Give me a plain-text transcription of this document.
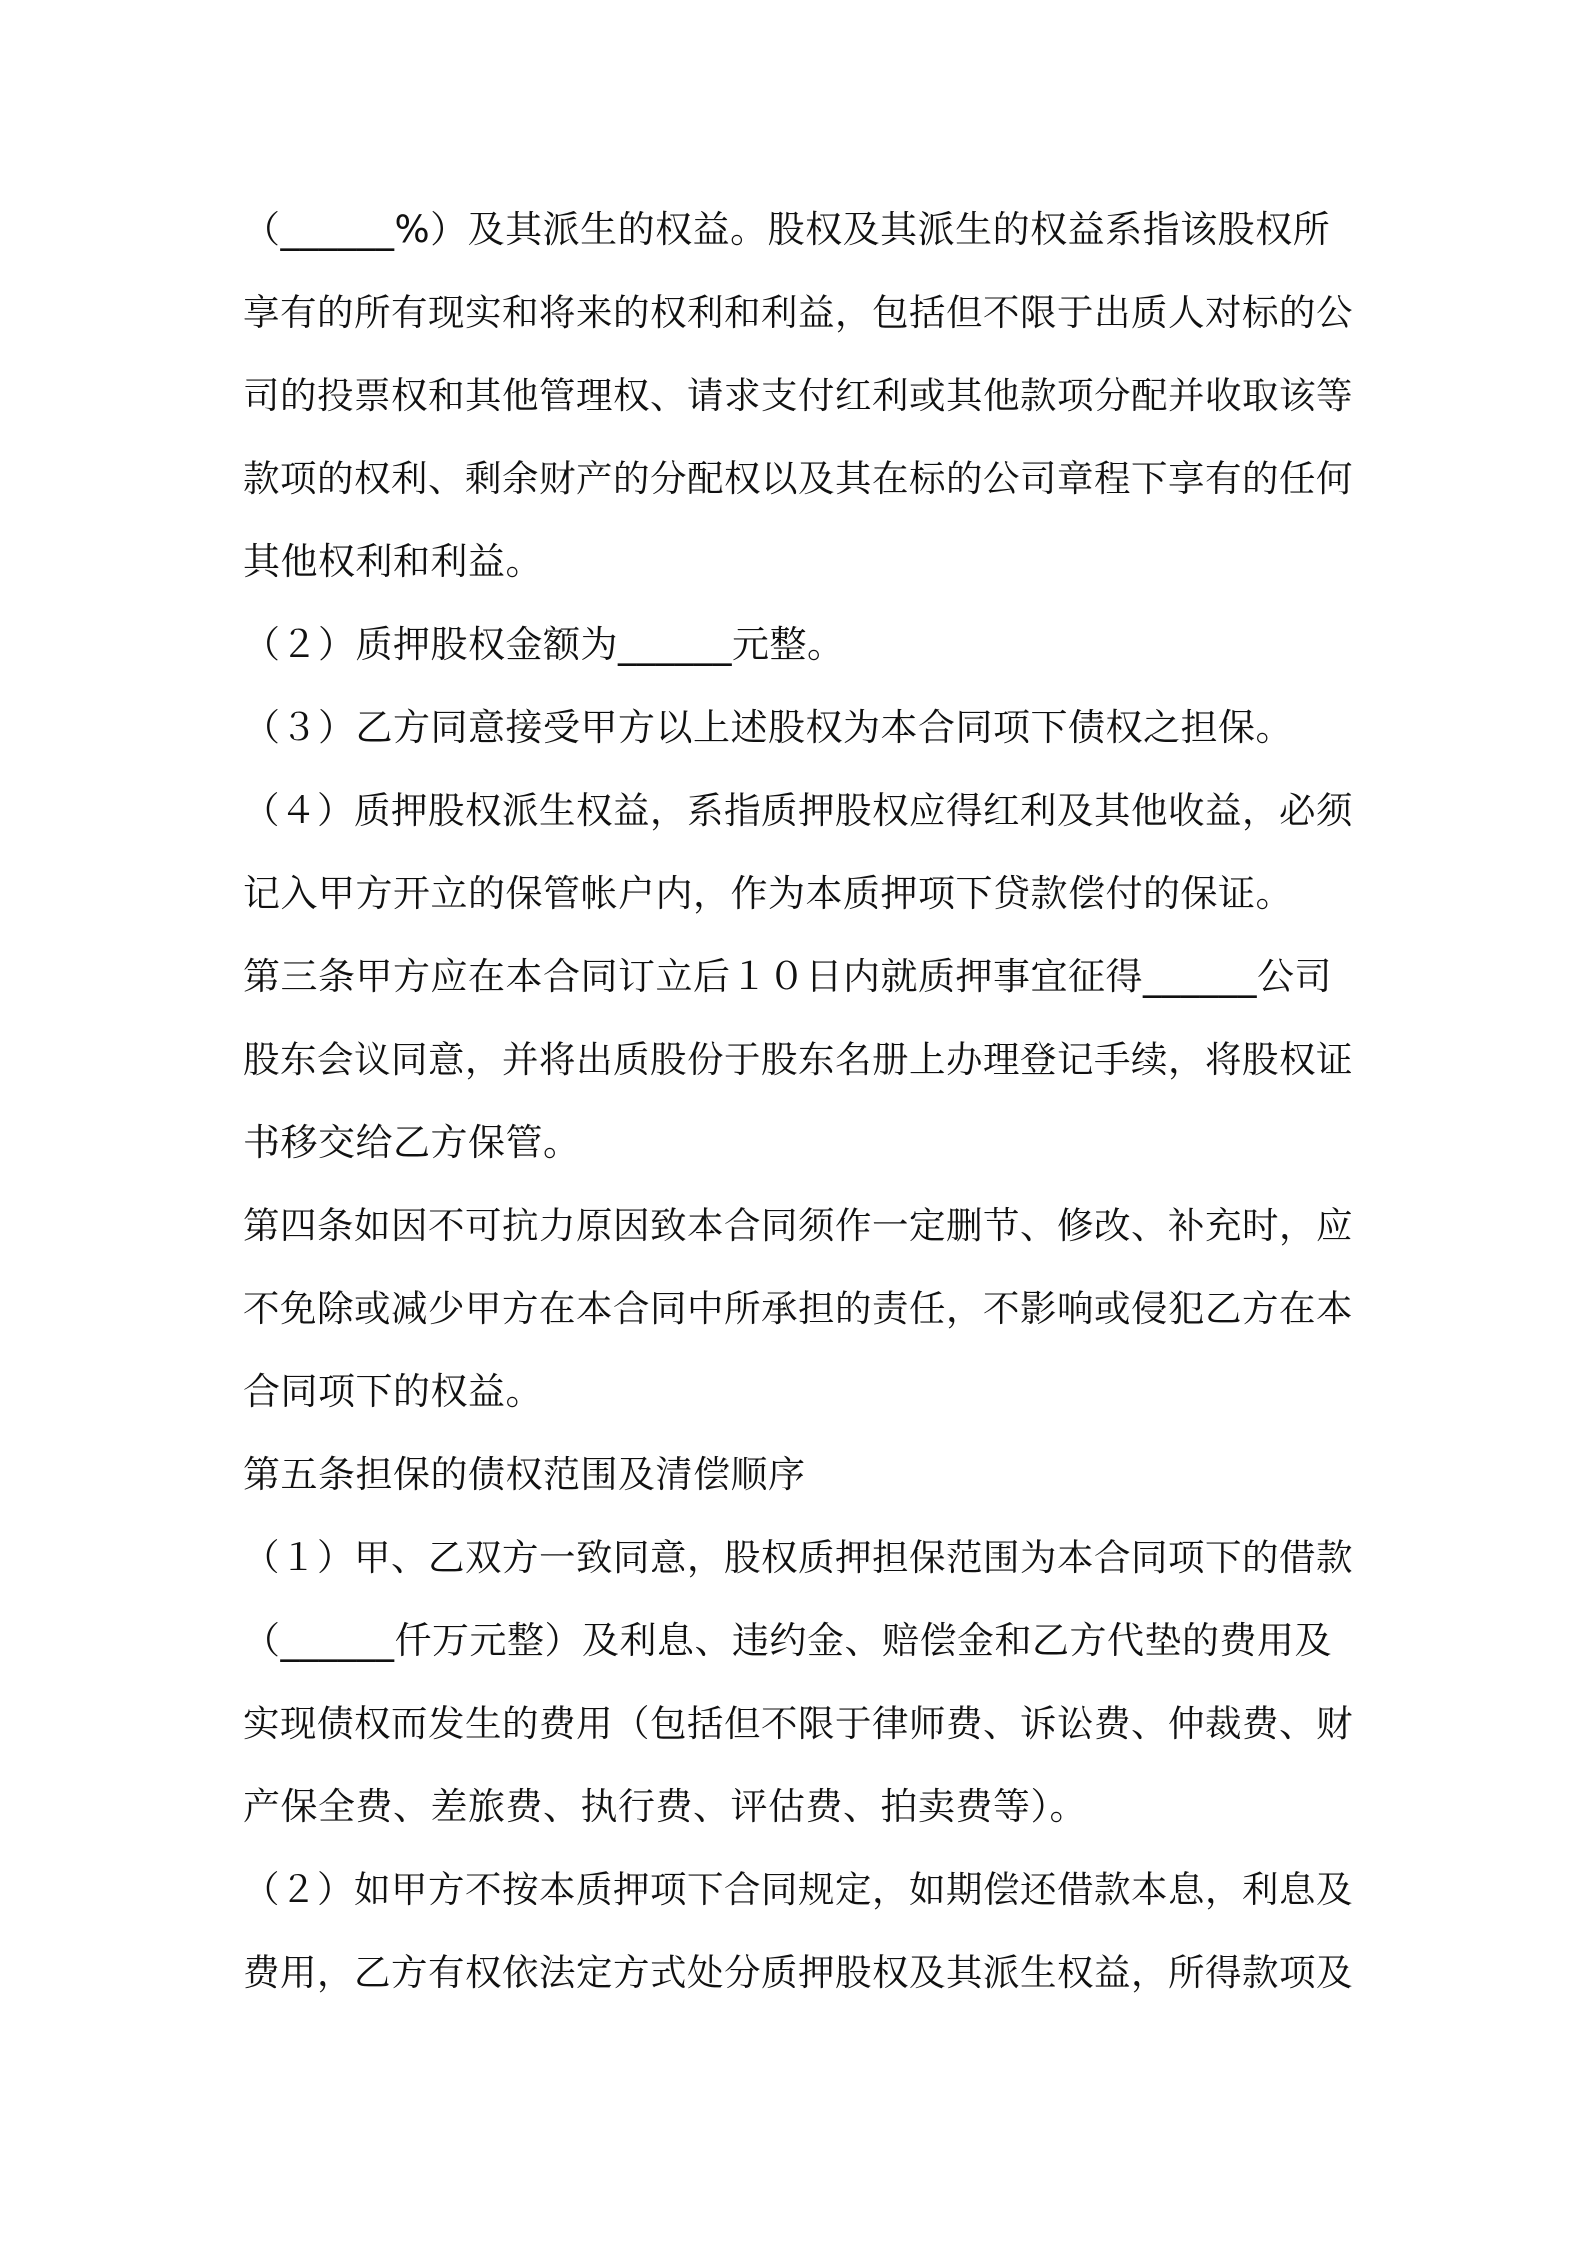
（______%）及其派生的权益。股权及其派生的权益系指该股权所
享有的所有现实和将来的权利和利益，包括但不限于出质人对标的公
司的投票权和其他管理权、请求支付红利或其他款项分配并收取该等
款项的权利、剩余财产的分配权以及其在标的公司章程下享有的任何
其他权利和利益。
（２）质押股权金额为______元整。
（３）乙方同意接受甲方以上述股权为本合同项下债权之担保。
（４）质押股权派生权益，系指质押股权应得红利及其他收益，必须
记入甲方开立的保管帐户内，作为本质押项下贷款偿付的保证。
第三条甲方应在本合同订立后１０日内就质押事宜征得______公司
股东会议同意，并将出质股份于股东名册上办理登记手续，将股权证
书移交给乙方保管。
第四条如因不可抗力原因致本合同须作一定删节、修改、补充时，应
不免除或减少甲方在本合同中所承担的责任，不影响或侵犯乙方在本
合同项下的权益。
第五条担保的债权范围及清偿顺序
（１）甲、乙双方一致同意，股权质押担保范围为本合同项下的借款
（______仟万元整）及利息、违约金、赔偿金和乙方代垫的费用及
实现债权而发生的费用（包括但不限于律师费、诉讼费、仲裁费、财
产保全费、差旅费、执行费、评估费、拍卖费等）。
（２）如甲方不按本质押项下合同规定，如期偿还借款本息，利息及
费用，乙方有权依法定方式处分质押股权及其派生权益，所得款项及
